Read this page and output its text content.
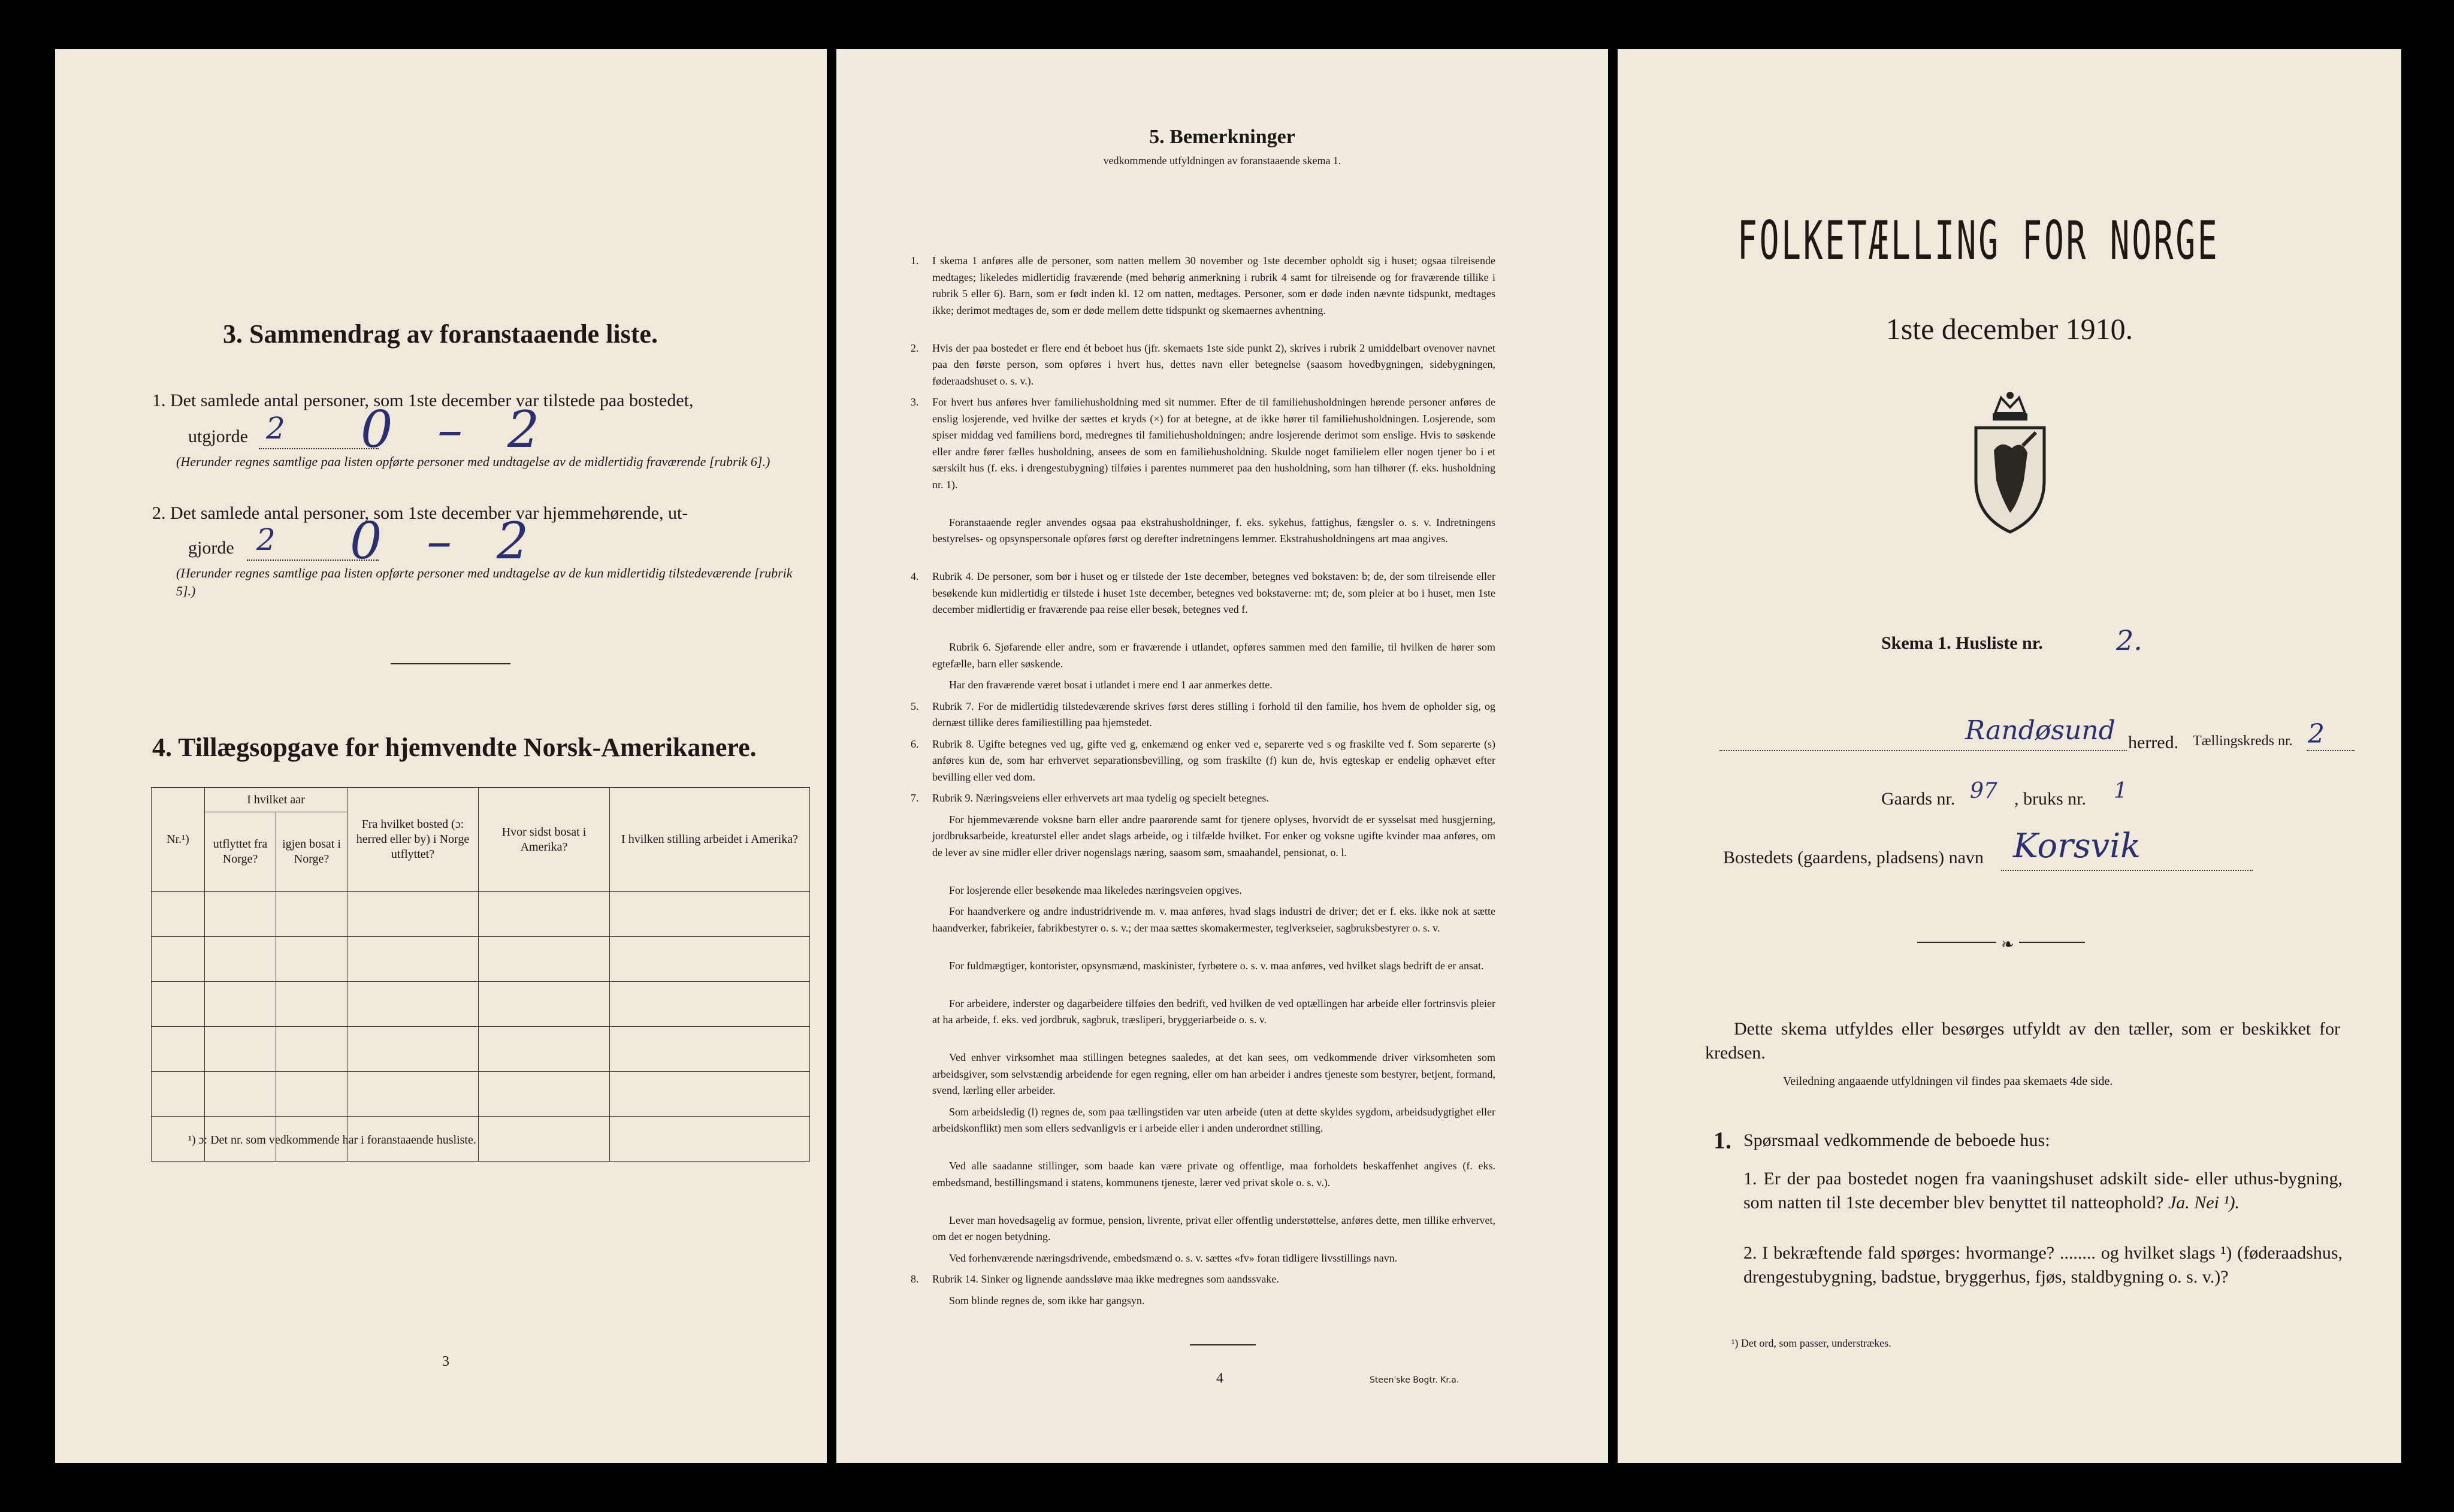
3. Sammendrag av foranstaaende liste.
1. Det samlede antal personer, som 1ste december var tilstede paa bostedet,
utgjorde 2 0 – 2
(Herunder regnes samtlige paa listen opførte personer med undtagelse av de midlertidig fraværende [rubrik 6].)
2. Det samlede antal personer, som 1ste december var hjemmehørende, ut-
gjorde 2 0 – 2
(Herunder regnes samtlige paa listen opførte personer med undtagelse av de kun midlertidig tilstedeværende [rubrik 5].)
4. Tillægsopgave for hjemvendte Norsk-Amerikanere.
Nr.¹)	I hvilket aar		Fra hvilket bosted (ɔ: herred eller by) i Norge utflyttet?	Hvor sidst bosat i Amerika?	I hvilken stilling arbeidet i Amerika?
	utflyttet fra Norge?	igjen bosat i Norge?			

¹) ɔ: Det nr. som vedkommende har i foranstaaende husliste.
3
5. Bemerkninger
vedkommende utfyldningen av foranstaaende skema 1.
1. I skema 1 anføres alle de personer, som natten mellem 30 november og 1ste december opholdt sig i huset; ogsaa tilreisende medtages; likeledes midlertidig fraværende (med behørig anmerkning i rubrik 4 samt for tilreisende og for fraværende tillike i rubrik 5 eller 6). Barn, som er født inden kl. 12 om natten, medtages. Personer, som er døde inden nævnte tidspunkt, medtages ikke; derimot medtages de, som er døde mellem dette tidspunkt og skemaernes avhentning.
2. Hvis der paa bostedet er flere end ét beboet hus (jfr. skemaets 1ste side punkt 2), skrives i rubrik 2 umiddelbart ovenover navnet paa den første person, som opføres i hvert hus, dettes navn eller betegnelse (saasom hovedbygningen, sidebygningen, føderaadshuset o. s. v.).
3. For hvert hus anføres hver familiehusholdning med sit nummer. Efter de til familiehusholdningen hørende personer anføres de enslig losjerende, ved hvilke der sættes et kryds (×) for at betegne, at de ikke hører til familiehusholdningen. Losjerende, som spiser middag ved familiens bord, medregnes til familiehusholdningen; andre losjerende derimot som enslige. Hvis to søskende eller andre fører fælles husholdning, ansees de som en familiehusholdning. Skulde noget familielem eller nogen tjener bo i et særskilt hus (f. eks. i drengestubygning) tilføies i parentes nummeret paa den husholdning, som han tilhører (f. eks. husholdning nr. 1).
Foranstaaende regler anvendes ogsaa paa ekstrahusholdninger, f. eks. sykehus, fattighus, fængsler o. s. v. Indretningens bestyrelses- og opsynspersonale opføres først og derefter indretningens lemmer. Ekstrahusholdningens art maa angives.
4. Rubrik 4. De personer, som bør i huset og er tilstede der 1ste december, betegnes ved bokstaven: b; de, der som tilreisende eller besøkende kun midlertidig er tilstede i huset 1ste december, betegnes ved bokstaverne: mt; de, som pleier at bo i huset, men 1ste december midlertidig er fraværende paa reise eller besøk, betegnes ved f.
Rubrik 6. Sjøfarende eller andre, som er fraværende i utlandet, opføres sammen med den familie, til hvilken de hører som egtefælle, barn eller søskende.
Har den fraværende været bosat i utlandet i mere end 1 aar anmerkes dette.
5. Rubrik 7. For de midlertidig tilstedeværende skrives først deres stilling i forhold til den familie, hos hvem de opholder sig, og dernæst tillike deres familiestilling paa hjemstedet.
6. Rubrik 8. Ugifte betegnes ved ug, gifte ved g, enkemænd og enker ved e, separerte ved s og fraskilte ved f. Som separerte (s) anføres kun de, som har erhvervet separationsbevilling, og som fraskilte (f) kun de, hvis egteskap er endelig ophævet efter bevilling eller ved dom.
7. Rubrik 9. Næringsveiens eller erhvervets art maa tydelig og specielt betegnes.
For hjemmeværende voksne barn eller andre paarørende samt for tjenere oplyses, hvorvidt de er sysselsat med husgjerning, jordbruksarbeide, kreaturstel eller andet slags arbeide, og i tilfælde hvilket. For enker og voksne ugifte kvinder maa anføres, om de lever av sine midler eller driver nogenslags næring, saasom søm, smaahandel, pensionat, o. l.
For losjerende eller besøkende maa likeledes næringsveien opgives.
For haandverkere og andre industridrivende m. v. maa anføres, hvad slags industri de driver; det er f. eks. ikke nok at sætte haandverker, fabrikeier, fabrikbestyrer o. s. v.; der maa sættes skomakermester, teglverkseier, sagbruksbestyrer o. s. v.
For fuldmægtiger, kontorister, opsynsmænd, maskinister, fyrbøtere o. s. v. maa anføres, ved hvilket slags bedrift de er ansat.
For arbeidere, inderster og dagarbeidere tilføies den bedrift, ved hvilken de ved optællingen har arbeide eller fortrinsvis pleier at ha arbeide, f. eks. ved jordbruk, sagbruk, træsliperi, bryggeriarbeide o. s. v.
Ved enhver virksomhet maa stillingen betegnes saaledes, at det kan sees, om vedkommende driver virksomheten som arbeidsgiver, som selvstændig arbeidende for egen regning, eller om han arbeider i andres tjeneste som bestyrer, betjent, formand, svend, lærling eller arbeider.
Som arbeidsledig (l) regnes de, som paa tællingstiden var uten arbeide (uten at dette skyldes sygdom, arbeidsudygtighet eller arbeidskonflikt) men som ellers sedvanligvis er i arbeide eller i anden underordnet stilling.
Ved alle saadanne stillinger, som baade kan være private og offentlige, maa forholdets beskaffenhet angives (f. eks. embedsmand, bestillingsmand i statens, kommunens tjeneste, lærer ved privat skole o. s. v.).
Lever man hovedsagelig av formue, pension, livrente, privat eller offentlig understøttelse, anføres dette, men tillike erhvervet, om det er nogen betydning.
Ved forhenværende næringsdrivende, embedsmænd o. s. v. sættes «fv» foran tidligere livsstillings navn.
8. Rubrik 14. Sinker og lignende aandssløve maa ikke medregnes som aandssvake.
Som blinde regnes de, som ikke har gangsyn.
4	Steen'ske Bogtr. Kr.a.
FOLKETÆLLING FOR NORGE
1ste december 1910.
Skema 1. Husliste nr.	2.
Randøsund herred. Tællingskreds nr. 2
Gaards nr. 97 , bruks nr. 1
Bostedets (gaardens, pladsens) navn Korsvik
❧
Dette skema utfyldes eller besørges utfyldt av den tæller, som er beskikket for kredsen.
Veiledning angaaende utfyldningen vil findes paa skemaets 4de side.
1. Spørsmaal vedkommende de beboede hus:
1. Er der paa bostedet nogen fra vaaningshuset adskilt side- eller uthus-bygning, som natten til 1ste december blev benyttet til natteophold? Ja. Nei ¹).
2. I bekræftende fald spørges: hvormange? ........ og hvilket slags ¹) (føderaadshus, drengestubygning, badstue, bryggerhus, fjøs, staldbygning o. s. v.)?
¹) Det ord, som passer, understrækes.
